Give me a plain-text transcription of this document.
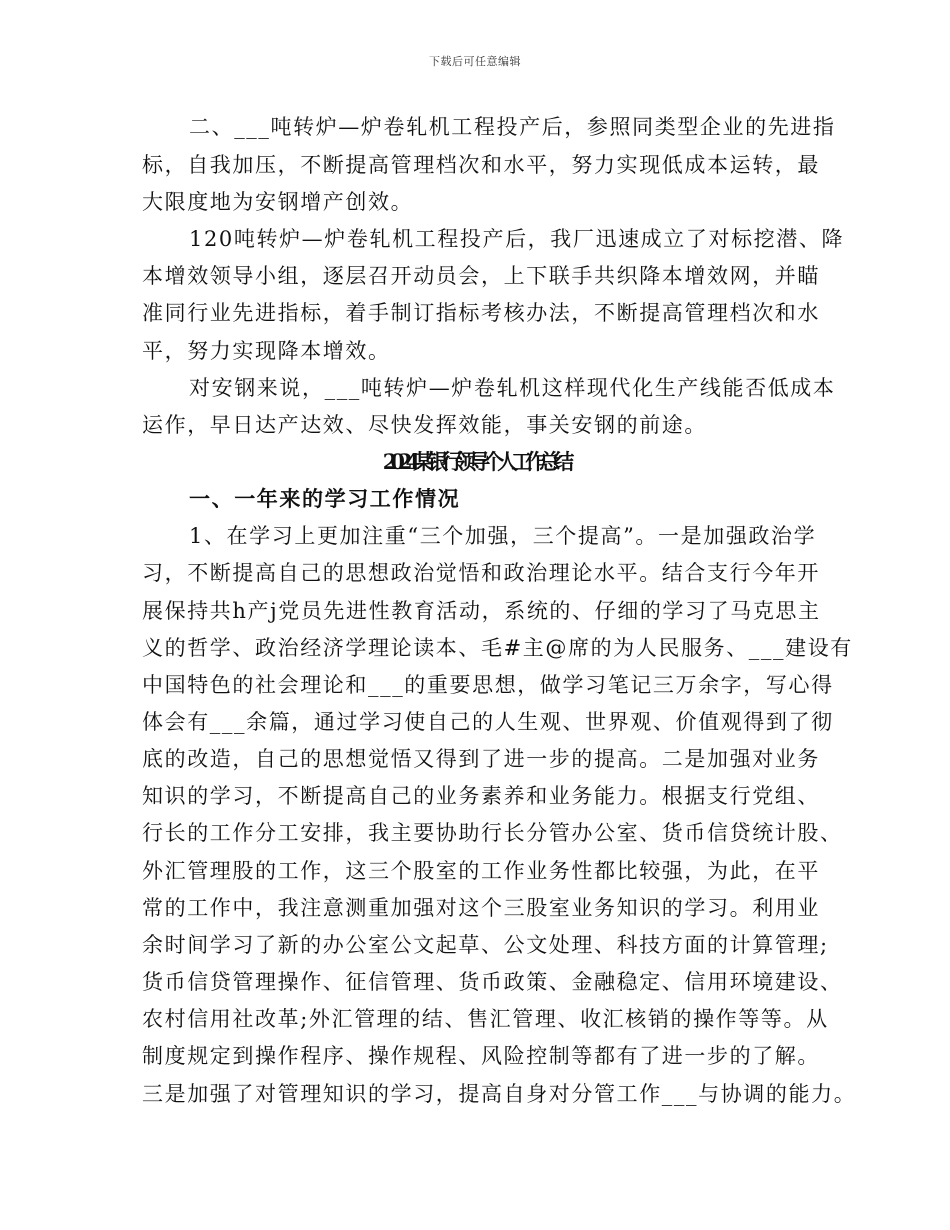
下载后可任意编辑
二、___吨转炉—炉卷轧机工程投产后，参照同类型企业的先进指
标，自我加压，不断提高管理档次和水平，努力实现低成本运转，最
大限度地为安钢增产创效。
120吨转炉—炉卷轧机工程投产后，我厂迅速成立了对标挖潜、降
本增效领导小组，逐层召开动员会，上下联手共织降本增效网，并瞄
准同行业先进指标，着手制订指标考核办法，不断提高管理档次和水
平，努力实现降本增效。
对安钢来说，___吨转炉—炉卷轧机这样现代化生产线能否低成本
运作，早日达产达效、尽快发挥效能，事关安钢的前途。
2024某银行领导个人工作总结
一、一年来的学习工作情况
1、在学习上更加注重“三个加强，三个提高”。一是加强政治学
习，不断提高自己的思想政治觉悟和政治理论水平。结合支行今年开
展保持共h产j党员先进性教育活动，系统的、仔细的学习了马克思主
义的哲学、政治经济学理论读本、毛#主@席的为人民服务、___建设有
中国特色的社会理论和___的重要思想，做学习笔记三万余字，写心得
体会有___余篇，通过学习使自己的人生观、世界观、价值观得到了彻
底的改造，自己的思想觉悟又得到了进一步的提高。二是加强对业务
知识的学习，不断提高自己的业务素养和业务能力。根据支行党组、
行长的工作分工安排，我主要协助行长分管办公室、货币信贷统计股、
外汇管理股的工作，这三个股室的工作业务性都比较强，为此，在平
常的工作中，我注意测重加强对这个三股室业务知识的学习。利用业
余时间学习了新的办公室公文起草、公文处理、科技方面的计算管理;
货币信贷管理操作、征信管理、货币政策、金融稳定、信用环境建设、
农村信用社改革;外汇管理的结、售汇管理、收汇核销的操作等等。从
制度规定到操作程序、操作规程、风险控制等都有了进一步的了解。
三是加强了对管理知识的学习，提高自身对分管工作___与协调的能力。
